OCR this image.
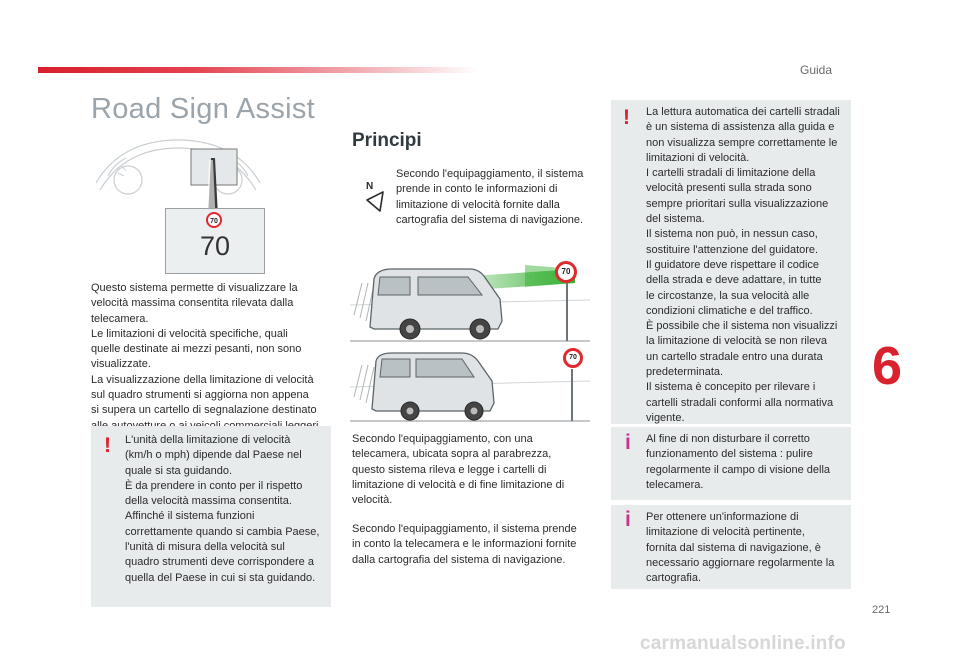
Guida
Road Sign Assist
70
70
Questo sistema permette di visualizzare la
velocità massima consentita rilevata dalla
telecamera.
Le limitazioni di velocità specifiche, quali
quelle destinate ai mezzi pesanti, non sono
visualizzate.
La visualizzazione della limitazione di velocità
sul quadro strumenti si aggiorna non appena
si supera un cartello di segnalazione destinato

! L'unità della limitazione di velocità
(km/h o mph) dipende dal Paese nel
quale si sta guidando.
È da prendere in conto per il rispetto
della velocità massima consentita.
Affinché il sistema funzioni
correttamente quando si cambia Paese,
l'unità di misura della velocità sul
quadro strumenti deve corrispondere a
quella del Paese in cui si sta guidando.
Principi
N
Secondo l'equipaggiamento, il sistema
prende in conto le informazioni di
limitazione di velocità fornite dalla
cartografia del sistema di navigazione.
70
70
Secondo l'equipaggiamento, con una
telecamera, ubicata sopra al parabrezza,
questo sistema rileva e legge i cartelli di
limitazione di velocità e di fine limitazione di
velocità.
Secondo l'equipaggiamento, il sistema prende
in conto la telecamera e le informazioni fornite
dalla cartografia del sistema di navigazione.
! La lettura automatica dei cartelli stradali
è un sistema di assistenza alla guida e
non visualizza sempre correttamente le
limitazioni di velocità.
I cartelli stradali di limitazione della
velocità presenti sulla strada sono
sempre prioritari sulla visualizzazione
del sistema.
Il sistema non può, in nessun caso,
sostituire l'attenzione del guidatore.
Il guidatore deve rispettare il codice
della strada e deve adattare, in tutte
le circostanze, la sua velocità alle
condizioni climatiche e del traffico.
È possibile che il sistema non visualizzi
la limitazione di velocità se non rileva
un cartello stradale entro una durata
predeterminata.
Il sistema è concepito per rilevare i
cartelli stradali conformi alla normativa
vigente.
i Al fine di non disturbare il corretto
funzionamento del sistema : pulire
regolarmente il campo di visione della
telecamera.
i Per ottenere un'informazione di
limitazione di velocità pertinente,
fornita dal sistema di navigazione, è
necessario aggiornare regolarmente la
cartografia.
6
221
carmanualsonline.info
